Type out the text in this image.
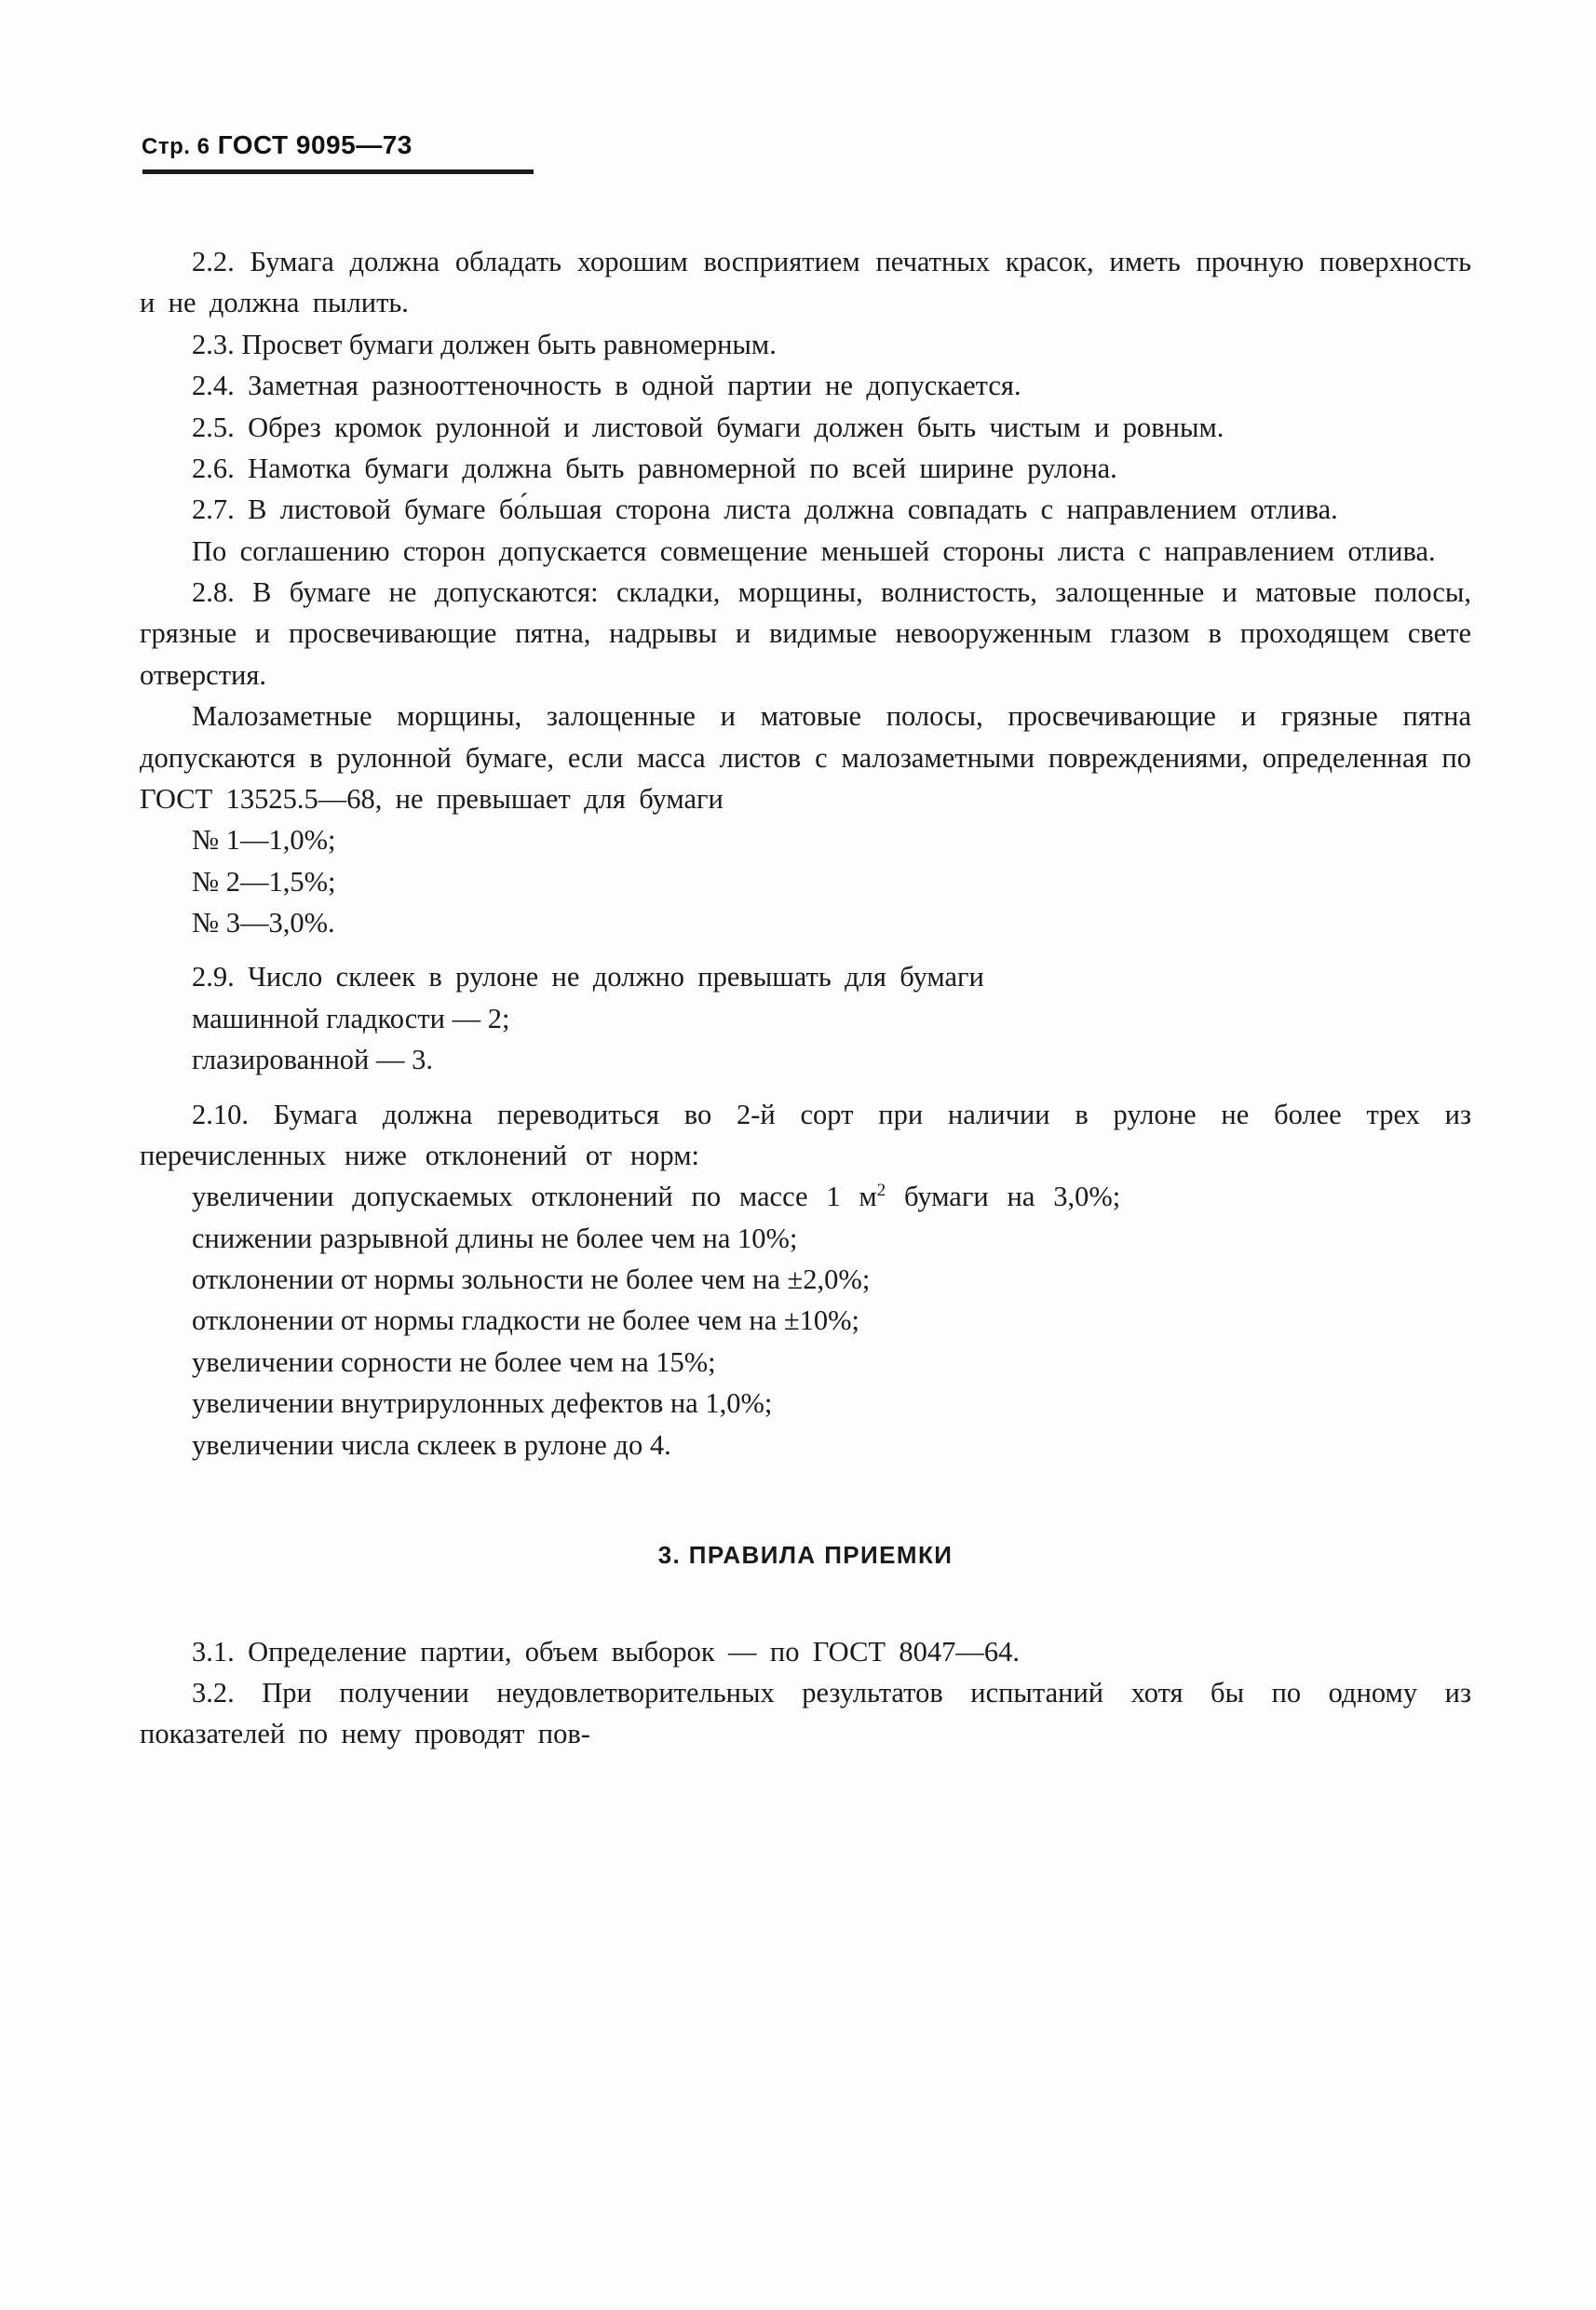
Стр. 6 ГОСТ 9095—73

2.2. Бумага должна обладать хорошим восприятием печатных красок, иметь прочную поверхность и не должна пылить.

2.3. Просвет бумаги должен быть равномерным.

2.4. Заметная разнооттеночность в одной партии не допускается.

2.5. Обрез кромок рулонной и листовой бумаги должен быть чистым и ровным.

2.6. Намотка бумаги должна быть равномерной по всей ширине рулона.

2.7. В листовой бумаге бо́льшая сторона листа должна совпадать с направлением отлива.

По соглашению сторон допускается совмещение меньшей стороны листа с направлением отлива.

2.8. В бумаге не допускаются: складки, морщины, волнистость, залощенные и матовые полосы, грязные и просвечивающие пятна, надрывы и видимые невооруженным глазом в проходящем свете отверстия.

Малозаметные морщины, залощенные и матовые полосы, просвечивающие и грязные пятна допускаются в рулонной бумаге, если масса листов с малозаметными повреждениями, определенная по ГОСТ 13525.5—68, не превышает для бумаги

№ 1—1,0%;

№ 2—1,5%;

№ 3—3,0%.

2.9. Число склеек в рулоне не должно превышать для бумаги

машинной гладкости — 2;

глазированной — 3.

2.10. Бумага должна переводиться во 2-й сорт при наличии в рулоне не более трех из перечисленных ниже отклонений от норм:

увеличении допускаемых отклонений по массе 1 $м^2$ бумаги на 3,0%;

снижении разрывной длины не более чем на 10%;

отклонении от нормы зольности не более чем на ±2,0%;

отклонении от нормы гладкости не более чем на ±10%;

увеличении сорности не более чем на 15%;

увеличении внутрирулонных дефектов на 1,0%;

увеличении числа склеек в рулоне до 4.

3. ПРАВИЛА ПРИЕМКИ

3.1. Определение партии, объем выборок — по ГОСТ 8047—64.

3.2. При получении неудовлетворительных результатов испытаний хотя бы по одному из показателей по нему проводят пов-
